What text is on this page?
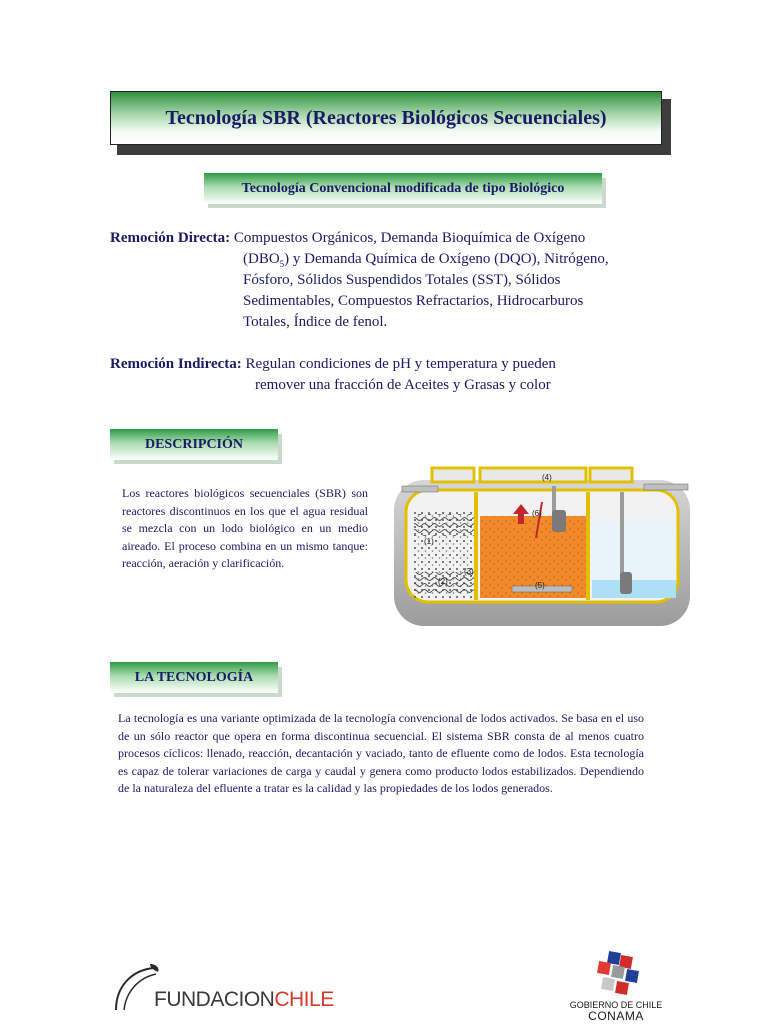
Tecnología SBR (Reactores Biológicos Secuenciales)
Tecnología Convencional modificada de tipo Biológico
Remoción Directa: Compuestos Orgánicos, Demanda Bioquímica de Oxígeno
$(DBO_5)$ y Demanda Química de Oxígeno (DQO), Nitrógeno,
Fósforo, Sólidos Suspendidos Totales (SST), Sólidos
Sedimentables, Compuestos Refractarios, Hidrocarburos
Totales, Índice de fenol.
Remoción Indirecta: Regulan condiciones de pH y temperatura y pueden
remover una fracción de Aceites y Grasas y color
DESCRIPCIÓN
Los reactores biológicos secuenciales (SBR) son reactores discontinuos en los que el agua residual se mezcla con un lodo biológico en un medio aireado. El proceso combina en un mismo tanque: reacción, aeración y clarificación.
(1)
(2)
(3)
(4)
(5)
(6)
LA TECNOLOGÍA
La tecnología es una variante optimizada de la tecnología convencional de lodos activados. Se basa en el uso de un sólo reactor que opera en forma discontinua secuencial. El sistema SBR consta de al menos cuatro procesos cíclicos: llenado, reacción, decantación y vaciado, tanto de efluente como de lodos. Esta tecnología es capaz de tolerar variaciones de carga y caudal y genera como producto lodos estabilizados. Dependiendo de la naturaleza del efluente a tratar es la calidad y las propiedades de los lodos generados.
FUNDACIONCHILE	GOBIERNO DE CHILE
CONAMA
